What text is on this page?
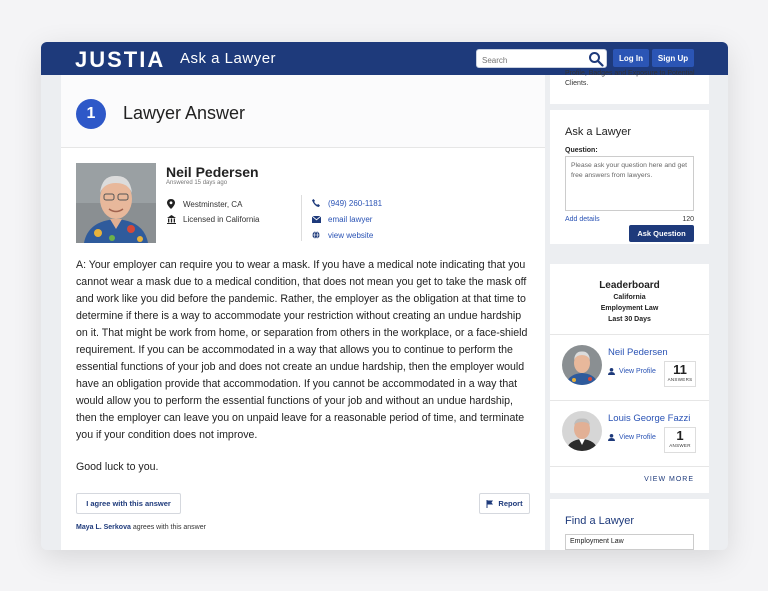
JUSTIA Ask a Lawyer
Search	Log In	Sign Up
1	Lawyer Answer
Neil Pedersen
Answered 15 days ago
Westminster, CA
Licensed in California
(949) 260-1181
email lawyer
view website

A: Your employer can require you to wear a mask. If you have a medical note indicating that you cannot wear a mask due to a medical condition, that does not mean you get to take the mask off and work like you did before the pandemic. Rather, the employer as the obligation at that time to determine if there is a way to accommodate your restriction without creating an undue hardship on it. That might be work from home, or separation from others in the workplace, or a face-shield requirement. If you can be accommodated in a way that allows you to continue to perform the essential functions of your job and does not create an undue hardship, then the employer would have an obligation provide that accommodation. If you cannot be accommodated in a way that would allow you to perform the essential functions of your job and without an undue hardship, then the employer can leave you on unpaid leave for a reasonable period of time, and terminate you if your condition does not improve.

Good luck to you.
I agree with this answer	Report
Maya L. Serkova agrees with this answer
Profile, Badges and Exposure to Potential Clients.
Ask a Lawyer
Question:
Please ask your question here and get free answers from lawyers.
Add details	120
Ask Question
Leaderboard
California
Employment Law
Last 30 Days
Neil Pedersen
View Profile	11
ANSWERS
Louis George Fazzi
View Profile	1
ANSWER
VIEW MORE
Find a Lawyer
Employment Law
